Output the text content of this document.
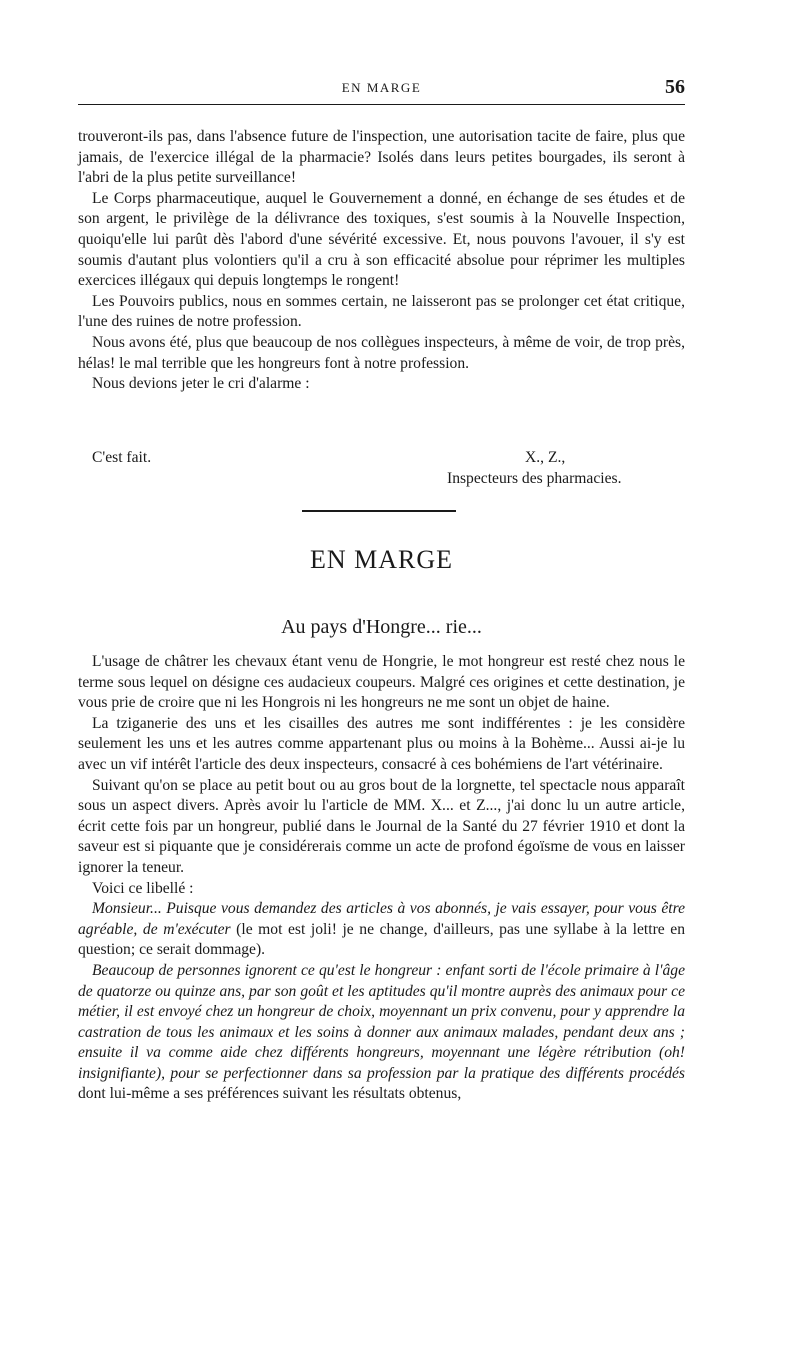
EN MARGE	56

trouveront-ils pas, dans l'absence future de l'inspection, une autorisation tacite de faire, plus que jamais, de l'exercice illégal de la pharmacie? Isolés dans leurs petites bourgades, ils seront à l'abri de la plus petite surveillance!

Le Corps pharmaceutique, auquel le Gouvernement a donné, en échange de ses études et de son argent, le privilège de la délivrance des toxiques, s'est soumis à la Nouvelle Inspection, quoiqu'elle lui parût dès l'abord d'une sévérité excessive. Et, nous pouvons l'avouer, il s'y est soumis d'autant plus volontiers qu'il a cru à son efficacité absolue pour réprimer les multiples exercices illégaux qui depuis longtemps le rongent!

Les Pouvoirs publics, nous en sommes certain, ne laisseront pas se prolonger cet état critique, l'une des ruines de notre profession.

Nous avons été, plus que beaucoup de nos collègues inspecteurs, à même de voir, de trop près, hélas! le mal terrible que les hongreurs font à notre profession.

Nous devions jeter le cri d'alarme :

C'est fait.	X., Z.,
Inspecteurs des pharmacies.
EN MARGE
Au pays d'Hongre... rie...

L'usage de châtrer les chevaux étant venu de Hongrie, le mot hongreur est resté chez nous le terme sous lequel on désigne ces audacieux coupeurs. Malgré ces origines et cette destination, je vous prie de croire que ni les Hongrois ni les hongreurs ne me sont un objet de haine.

La tziganerie des uns et les cisailles des autres me sont indifférentes : je les considère seulement les uns et les autres comme appartenant plus ou moins à la Bohème... Aussi ai-je lu avec un vif intérêt l'article des deux inspecteurs, consacré à ces bohémiens de l'art vétérinaire.

Suivant qu'on se place au petit bout ou au gros bout de la lorgnette, tel spectacle nous apparaît sous un aspect divers. Après avoir lu l'article de MM. X... et Z..., j'ai donc lu un autre article, écrit cette fois par un hongreur, publié dans le Journal de la Santé du 27 février 1910 et dont la saveur est si piquante que je considérerais comme un acte de profond égoïsme de vous en laisser ignorer la teneur.

Voici ce libellé :

Monsieur... Puisque vous demandez des articles à vos abonnés, je vais essayer, pour vous être agréable, de m'exécuter (le mot est joli! je ne change, d'ailleurs, pas une syllabe à la lettre en question; ce serait dommage).

Beaucoup de personnes ignorent ce qu'est le hongreur : enfant sorti de l'école primaire à l'âge de quatorze ou quinze ans, par son goût et les aptitudes qu'il montre auprès des animaux pour ce métier, il est envoyé chez un hongreur de choix, moyennant un prix convenu, pour y apprendre la castration de tous les animaux et les soins à donner aux animaux malades, pendant deux ans ; ensuite il va comme aide chez différents hongreurs, moyennant une légère rétribution (oh! insignifiante), pour se perfectionner dans sa profession par la pratique des différents procédés dont lui-même a ses préférences suivant les résultats obtenus,
